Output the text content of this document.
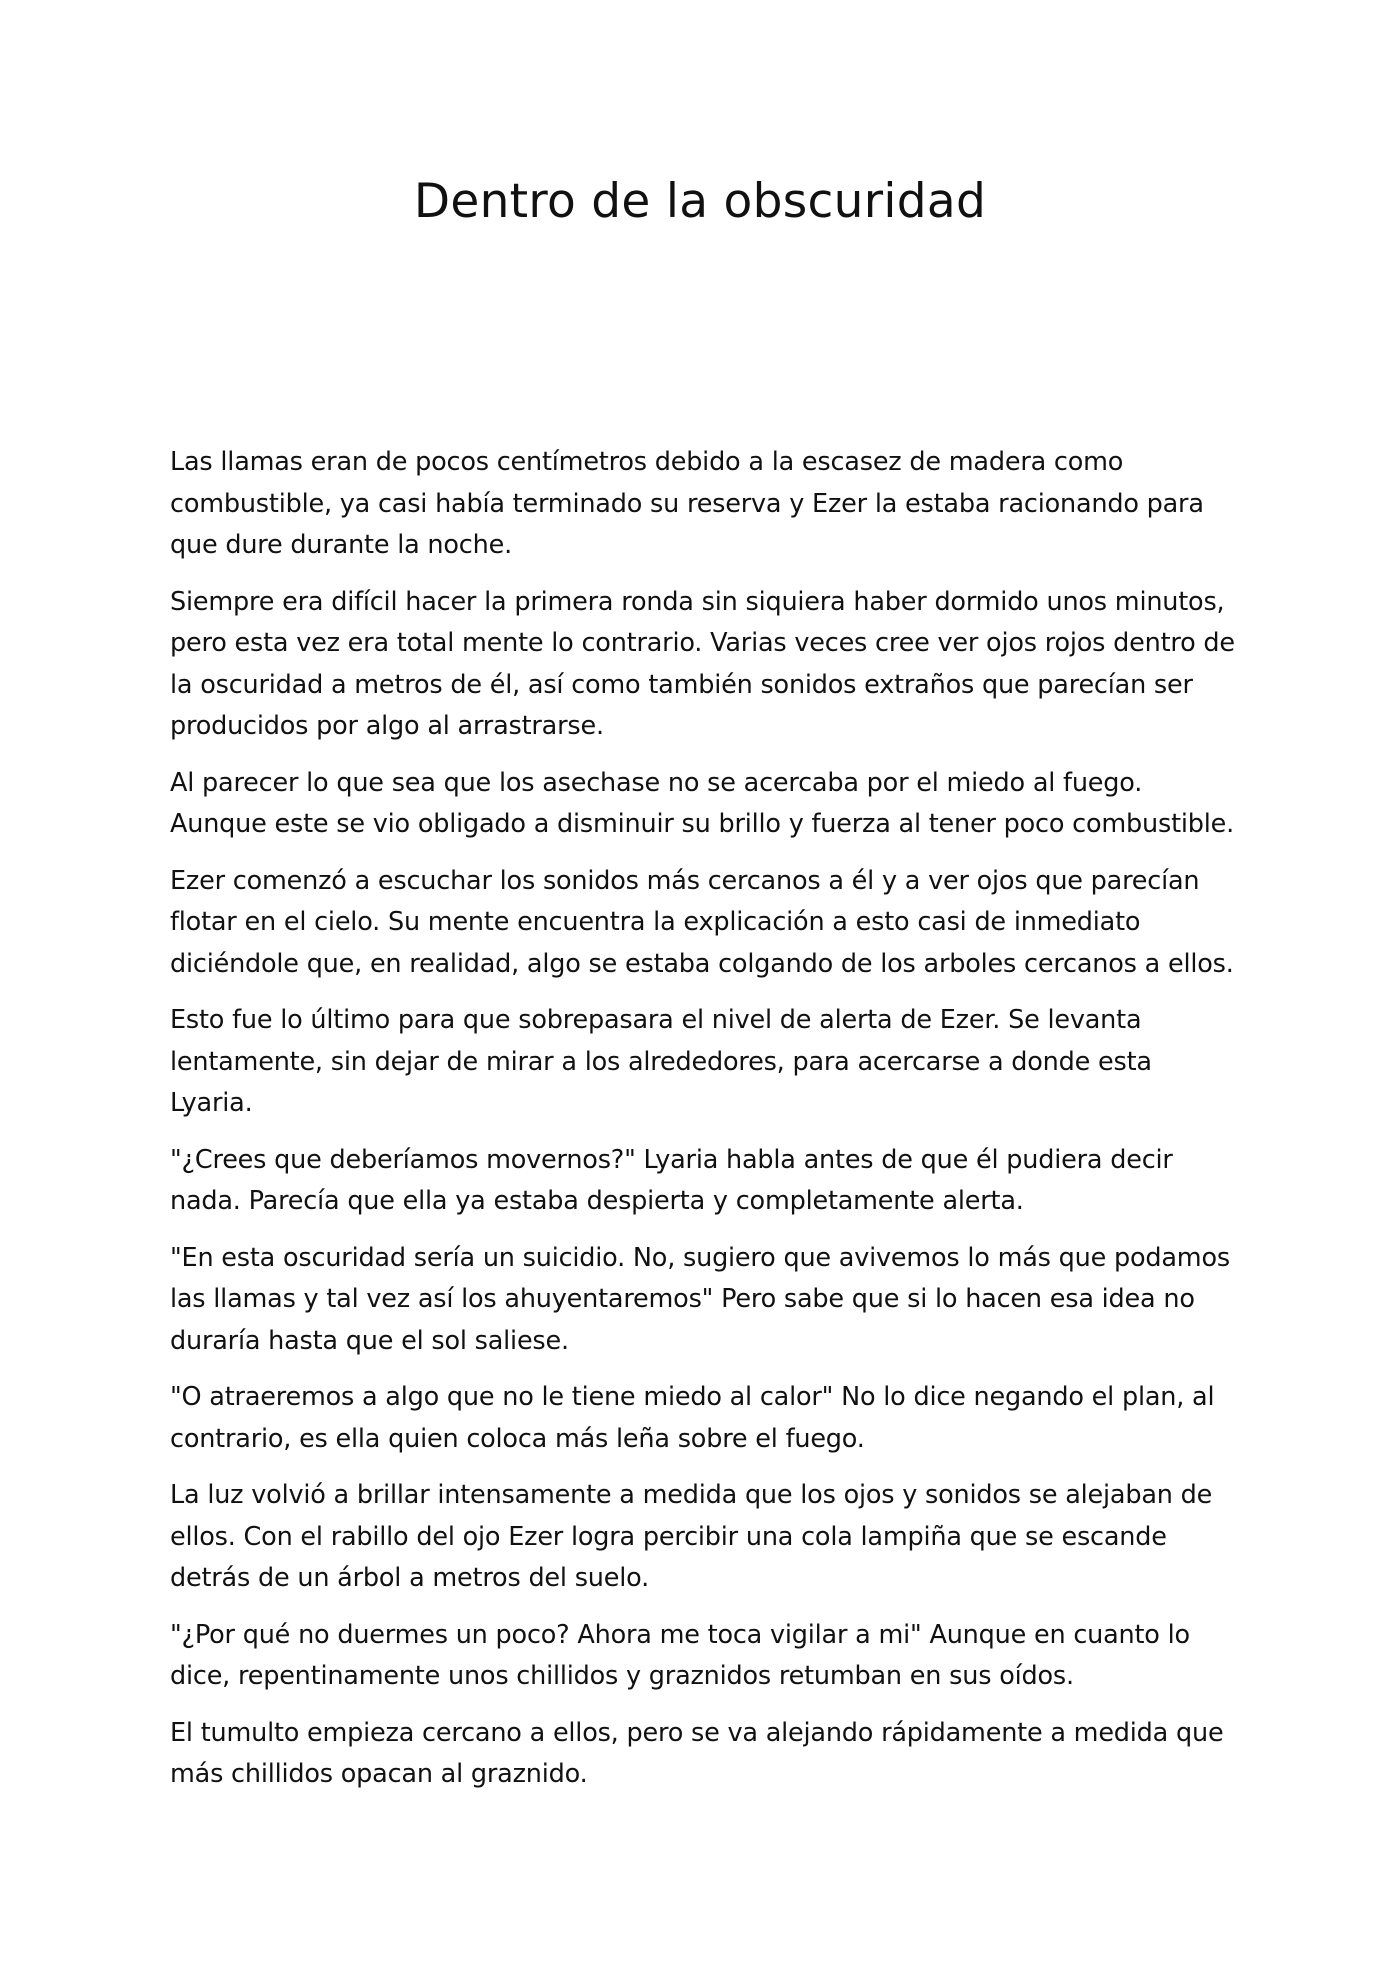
Dentro de la obscuridad

Las llamas eran de pocos centímetros debido a la escasez de madera como combustible, ya casi había terminado su reserva y Ezer la estaba racionando para que dure durante la noche.

Siempre era difícil hacer la primera ronda sin siquiera haber dormido unos minutos, pero esta vez era total mente lo contrario. Varias veces cree ver ojos rojos dentro de la oscuridad a metros de él, así como también sonidos extraños que parecían ser producidos por algo al arrastrarse.

Al parecer lo que sea que los asechase no se acercaba por el miedo al fuego. Aunque este se vio obligado a disminuir su brillo y fuerza al tener poco combustible.

Ezer comenzó a escuchar los sonidos más cercanos a él y a ver ojos que parecían flotar en el cielo. Su mente encuentra la explicación a esto casi de inmediato diciéndole que, en realidad, algo se estaba colgando de los arboles cercanos a ellos.

Esto fue lo último para que sobrepasara el nivel de alerta de Ezer. Se levanta lentamente, sin dejar de mirar a los alrededores, para acercarse a donde esta Lyaria.

"¿Crees que deberíamos movernos?" Lyaria habla antes de que él pudiera decir nada. Parecía que ella ya estaba despierta y completamente alerta.

"En esta oscuridad sería un suicidio. No, sugiero que avivemos lo más que podamos las llamas y tal vez así los ahuyentaremos" Pero sabe que si lo hacen esa idea no duraría hasta que el sol saliese.

"O atraeremos a algo que no le tiene miedo al calor" No lo dice negando el plan, al contrario, es ella quien coloca más leña sobre el fuego.

La luz volvió a brillar intensamente a medida que los ojos y sonidos se alejaban de ellos. Con el rabillo del ojo Ezer logra percibir una cola lampiña que se escande detrás de un árbol a metros del suelo.

"¿Por qué no duermes un poco? Ahora me toca vigilar a mi" Aunque en cuanto lo dice, repentinamente unos chillidos y graznidos retumban en sus oídos.

El tumulto empieza cercano a ellos, pero se va alejando rápidamente a medida que más chillidos opacan al graznido.
